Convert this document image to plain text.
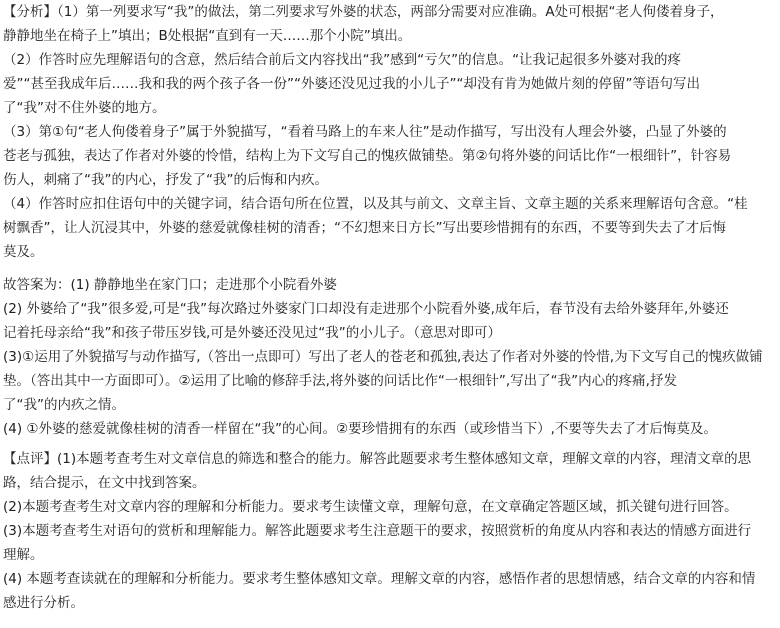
【分析】（1）第一列要求写“我”的做法，第二列要求写外婆的状态，两部分需要对应准确。A处可根据“老人佝偻着身子，
静静地坐在椅子上”填出；B处根据“直到有一天……那个小院”填出。
（2）作答时应先理解语句的含意，然后结合前后文内容找出“我”感到“亏欠”的信息。“让我记起很多外婆对我的疼
爱”“甚至我成年后……我和我的两个孩子各一份”“外婆还没见过我的小儿子”“却没有肯为她做片刻的停留”等语句写出
了“我”对不住外婆的地方。
（3）第①句“老人佝偻着身子”属于外貌描写，“看着马路上的车来人往”是动作描写，写出没有人理会外婆，凸显了外婆的
苍老与孤独，表达了作者对外婆的怜惜，结构上为下文写自己的愧疚做铺垫。第②句将外婆的问话比作“一根细针”，针容易
伤人，刺痛了“我”的内心，抒发了“我”的后悔和内疚。
（4）作答时应扣住语句中的关键字词，结合语句所在位置，以及其与前文、文章主旨、文章主题的关系来理解语句含意。“桂
树飘香”，让人沉浸其中，外婆的慈爱就像桂树的清香；“不幻想来日方长”写出要珍惜拥有的东西，不要等到失去了才后悔
莫及。
故答案为：(1) 静静地坐在家门口；走进那个小院看外婆
(2) 外婆给了“我”很多爱,可是“我”每次路过外婆家门口却没有走进那个小院看外婆,成年后，春节没有去给外婆拜年,外婆还
记着托母亲给“我”和孩子带压岁钱,可是外婆还没见过“我”的小儿子。（意思对即可）
(3)①运用了外貌描写与动作描写,（答出一点即可）写出了老人的苍老和孤独,表达了作者对外婆的怜惜,为下文写自己的愧疚做铺
垫。（答出其中一方面即可）。②运用了比喻的修辞手法,将外婆的问话比作“一根细针”,写出了“我”内心的疼痛,抒发
了“我”的内疚之情。
(4) ①外婆的慈爱就像桂树的清香一样留在“我”的心间。②要珍惜拥有的东西（或珍惜当下）,不要等失去了才后悔莫及。
【点评】(1)本题考查考生对文章信息的筛选和整合的能力。解答此题要求考生整体感知文章，理解文章的内容，理清文章的思
路，结合提示，在文中找到答案。
(2)本题考查考生对文章内容的理解和分析能力。要求考生读懂文章，理解句意，在文章确定答题区域，抓关键句进行回答。
(3)本题考查考生对语句的赏析和理解能力。解答此题要求考生注意题干的要求，按照赏析的角度从内容和表达的情感方面进行
理解。
(4) 本题考查读就在的理解和分析能力。要求考生整体感知文章。理解文章的内容，感悟作者的思想情感，结合文章的内容和情
感进行分析。
